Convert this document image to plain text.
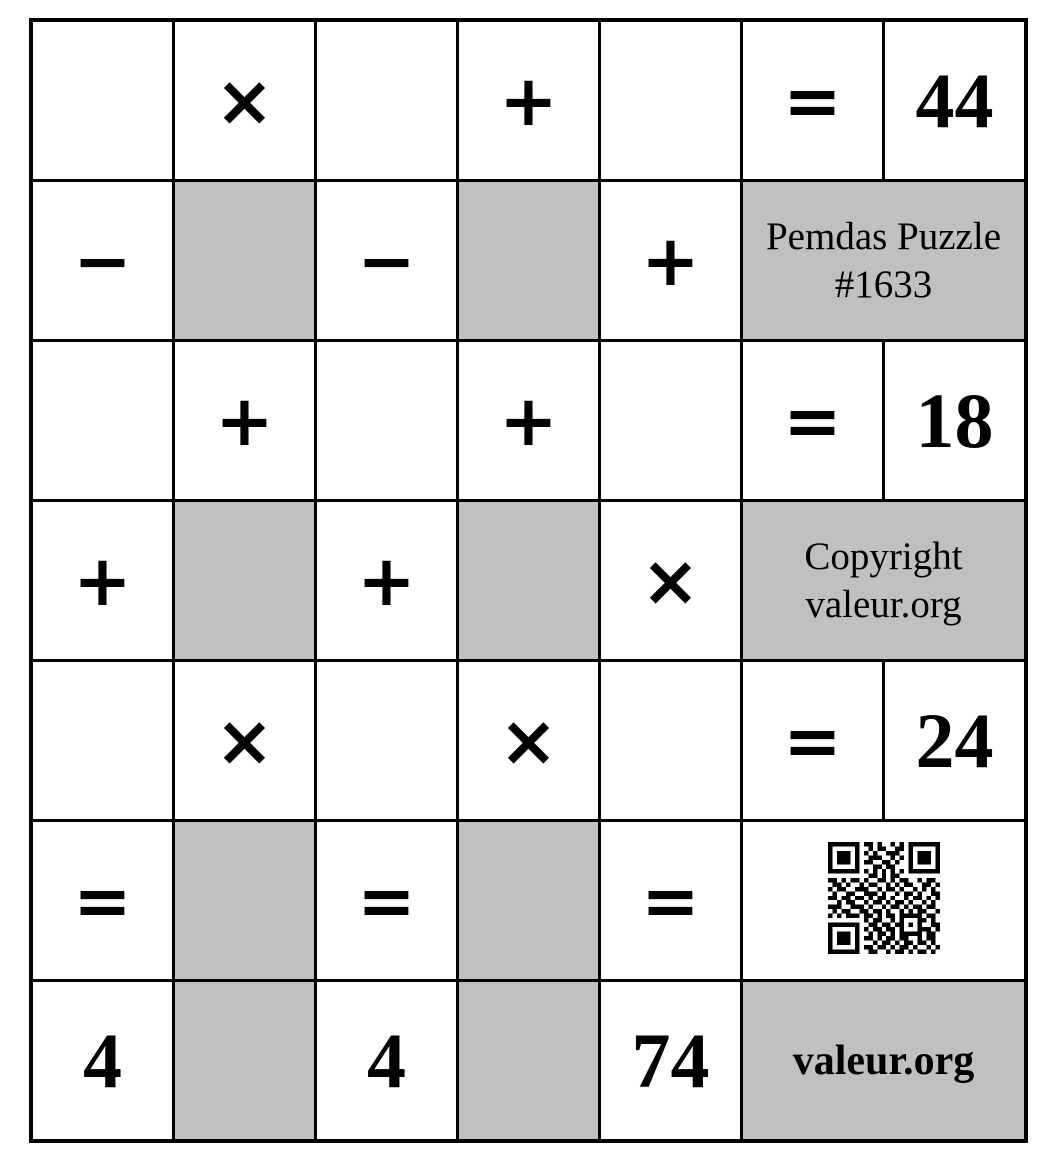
	×		+		=	44
−		−		+	Pemdas Puzzle
#1633	

	+		+		=	18
+		+		×	Copyright
valeur.org	

	×		×		=	24
=		=		=	
4		4		74	valeur.org	
